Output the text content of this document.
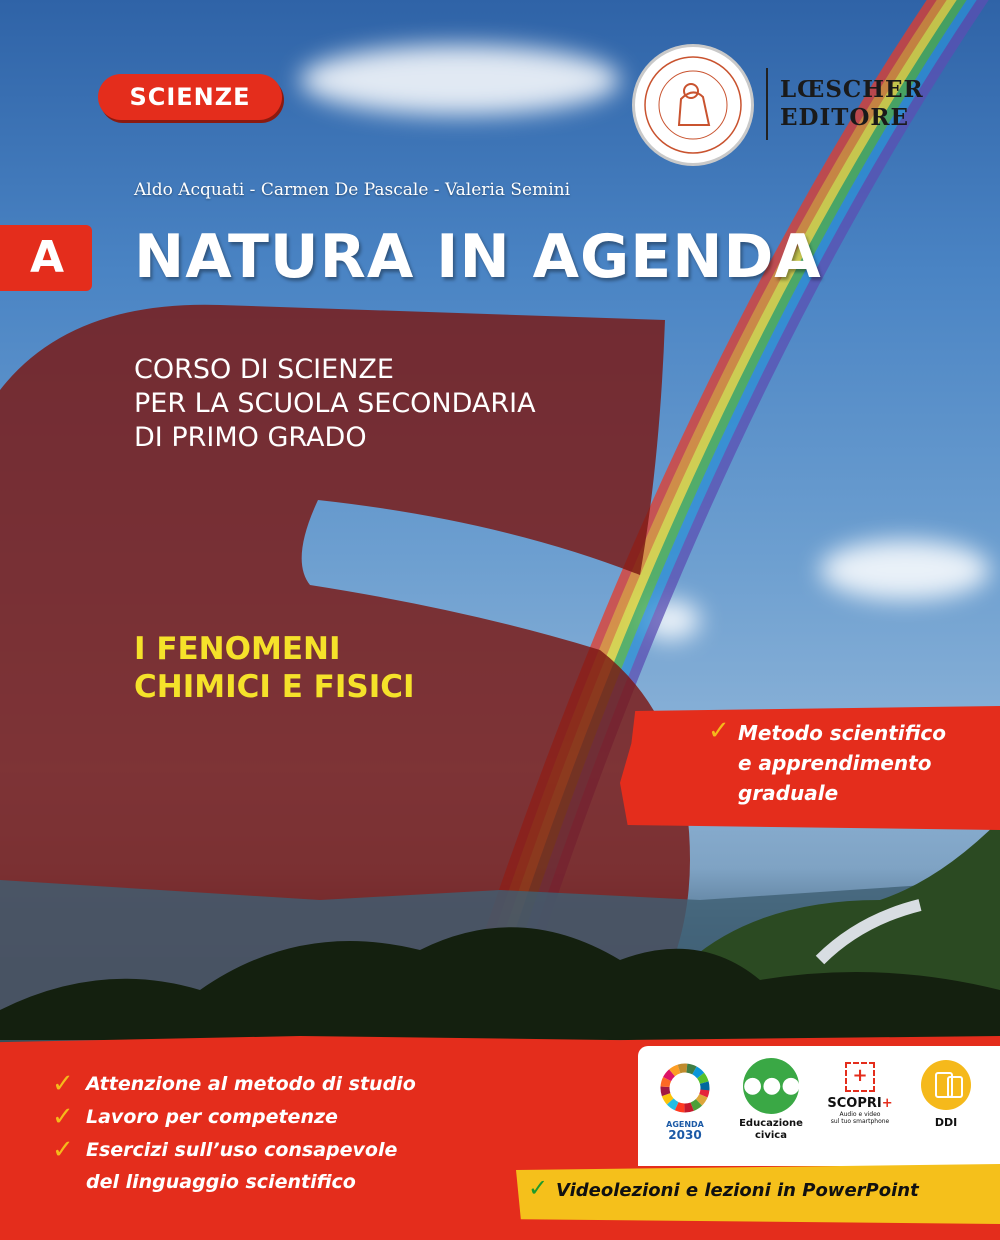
SCIENZE	LŒSCHER
EDITORE
Aldo Acquati - Carmen De Pascale - Valeria Semini
A NATURA IN AGENDA
CORSO DI SCIENZE
PER LA SCUOLA SECONDARIA
DI PRIMO GRADO
I FENOMENI
CHIMICI E FISICI
✓ Metodo scientifico
e apprendimento
graduale
✓ Attenzione al metodo di studio
✓ Lavoro per competenze
✓ Esercizi sull’uso consapevole
del linguaggio scientifico
AGENDA
2030
●●●
Educazione
civica
+
SCOPRI+
Audio e video
sul tuo smartphone	DDI
✓ Videolezioni e lezioni in PowerPoint
